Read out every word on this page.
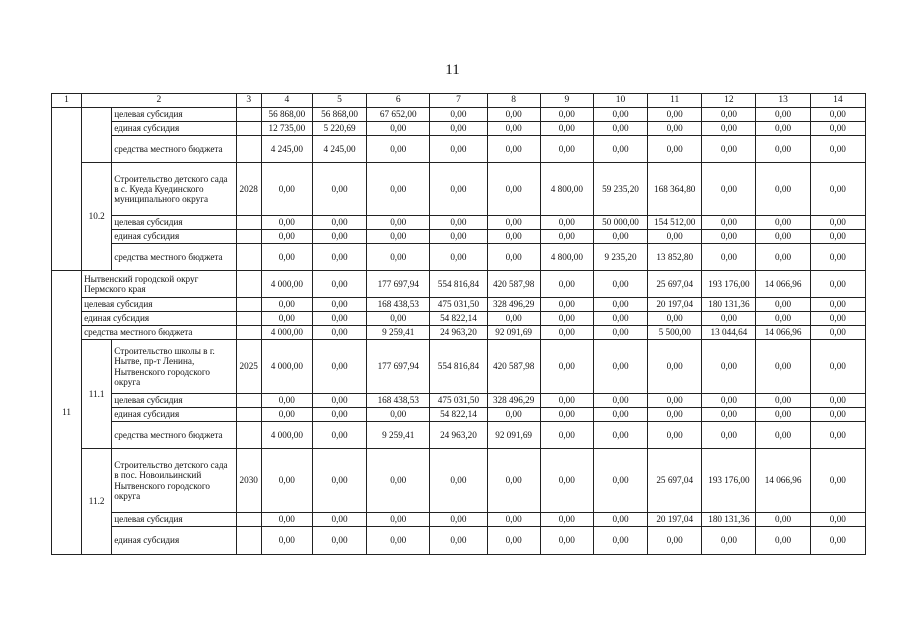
11
1	2		3	4	5	6	7	8	9	10	11	12	13	14
		целевая субсидия		56 868,00	56 868,00	67 652,00	0,00	0,00	0,00	0,00	0,00	0,00	0,00	0,00
		единая субсидия		12 735,00	5 220,69	0,00	0,00	0,00	0,00	0,00	0,00	0,00	0,00	0,00
		средства местного бюджета		4 245,00	4 245,00	0,00	0,00	0,00	0,00	0,00	0,00	0,00	0,00	0,00
	10.2	Строительство детского сада в с. Куеда Куединского муниципального округа	2028	0,00	0,00	0,00	0,00	0,00	4 800,00	59 235,20	168 364,80	0,00	0,00	0,00
		целевая субсидия		0,00	0,00	0,00	0,00	0,00	0,00	50 000,00	154 512,00	0,00	0,00	0,00
		единая субсидия		0,00	0,00	0,00	0,00	0,00	0,00	0,00	0,00	0,00	0,00	0,00
		средства местного бюджета		0,00	0,00	0,00	0,00	0,00	4 800,00	9 235,20	13 852,80	0,00	0,00	0,00
11	Нытвенский городской округ Пермского края			4 000,00	0,00	177 697,94	554 816,84	420 587,98	0,00	0,00	25 697,04	193 176,00	14 066,96	0,00
	целевая субсидия			0,00	0,00	168 438,53	475 031,50	328 496,29	0,00	0,00	20 197,04	180 131,36	0,00	0,00
	единая субсидия			0,00	0,00	0,00	54 822,14	0,00	0,00	0,00	0,00	0,00	0,00	0,00
	средства местного бюджета			4 000,00	0,00	9 259,41	24 963,20	92 091,69	0,00	0,00	5 500,00	13 044,64	14 066,96	0,00
	11.1	Строительство школы в г. Нытве, пр-т Ленина, Нытвенского городского округа	2025	4 000,00	0,00	177 697,94	554 816,84	420 587,98	0,00	0,00	0,00	0,00	0,00	0,00
		целевая субсидия		0,00	0,00	168 438,53	475 031,50	328 496,29	0,00	0,00	0,00	0,00	0,00	0,00
		единая субсидия		0,00	0,00	0,00	54 822,14	0,00	0,00	0,00	0,00	0,00	0,00	0,00
		средства местного бюджета		4 000,00	0,00	9 259,41	24 963,20	92 091,69	0,00	0,00	0,00	0,00	0,00	0,00
	11.2	Строительство детского сада в пос. Новоильинский Нытвенского городского округа	2030	0,00	0,00	0,00	0,00	0,00	0,00	0,00	25 697,04	193 176,00	14 066,96	0,00
		целевая субсидия		0,00	0,00	0,00	0,00	0,00	0,00	0,00	20 197,04	180 131,36	0,00	0,00
		единая субсидия		0,00	0,00	0,00	0,00	0,00	0,00	0,00	0,00	0,00	0,00	0,00
